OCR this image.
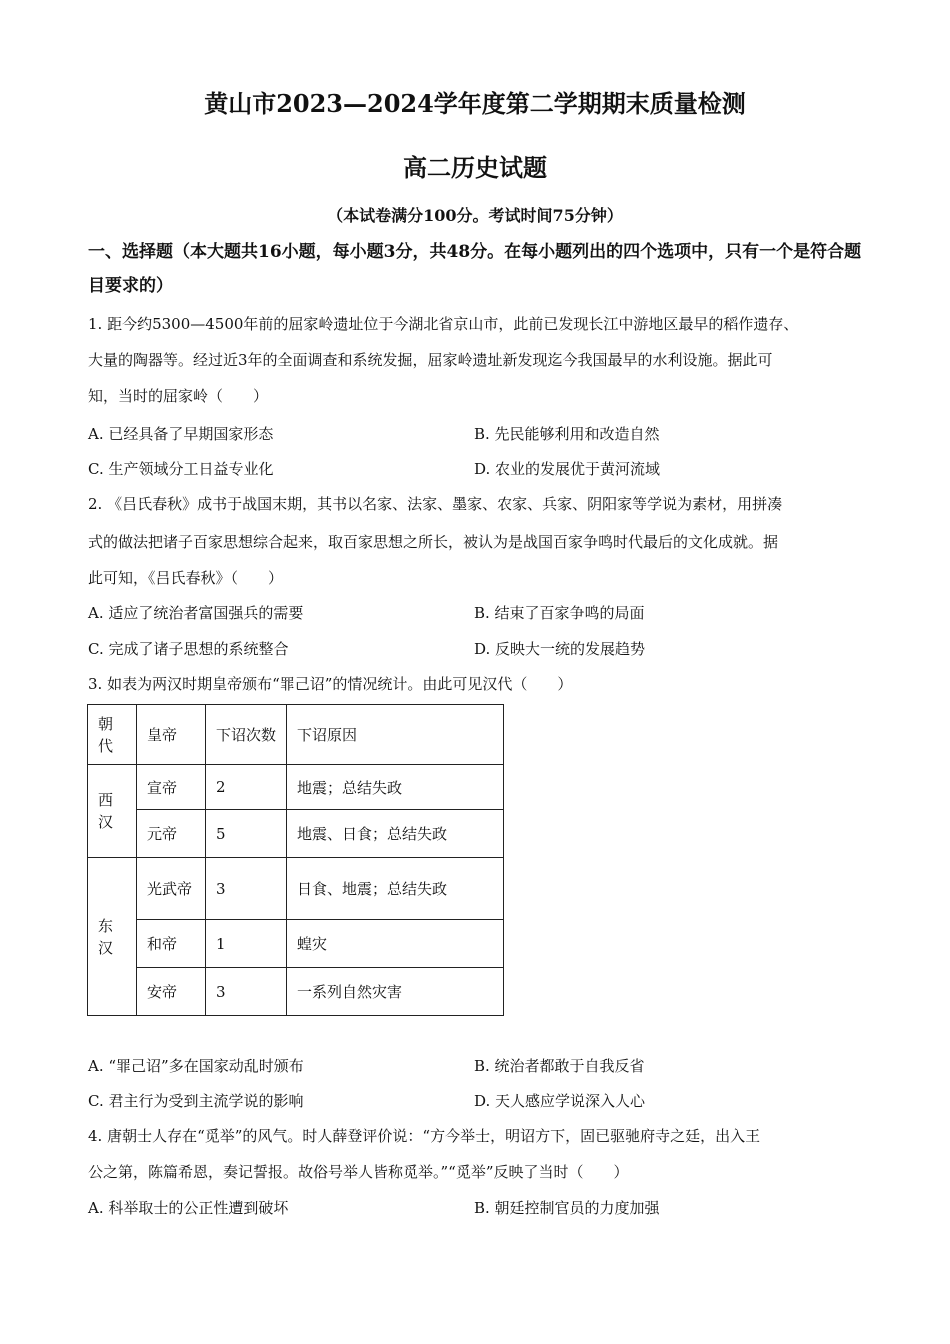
黄山市2023—2024学年度第二学期期末质量检测
高二历史试题
（本试卷满分100分。考试时间75分钟）
一、选择题（本大题共16小题，每小题3分，共48分。在每小题列出的四个选项中，只有一个是符合题目要求的）
1. 距今约5300—4500年前的屈家岭遗址位于今湖北省京山市，此前已发现长江中游地区最早的稻作遗存、
大量的陶器等。经过近3年的全面调查和系统发掘，屈家岭遗址新发现迄今我国最早的水利设施。据此可
知，当时的屈家岭（　　）
A. 已经具备了早期国家形态	B. 先民能够利用和改造自然
C. 生产领域分工日益专业化	D. 农业的发展优于黄河流域
2. 《吕氏春秋》成书于战国末期，其书以名家、法家、墨家、农家、兵家、阴阳家等学说为素材，用拼凑
式的做法把诸子百家思想综合起来，取百家思想之所长，被认为是战国百家争鸣时代最后的文化成就。据
此可知，《吕氏春秋》（　　）
A. 适应了统治者富国强兵的需要	B. 结束了百家争鸣的局面
C. 完成了诸子思想的系统整合	D. 反映大一统的发展趋势
3. 如表为两汉时期皇帝颁布“罪己诏”的情况统计。由此可见汉代（　　）
朝代	皇帝	下诏次数	下诏原因
西汉	宣帝	2	地震；总结失政
	元帝	5	地震、日食；总结失政
东汉	光武帝	3	日食、地震；总结失政
	和帝	1	蝗灾
	安帝	3	一系列自然灾害
A. “罪己诏”多在国家动乱时颁布	B. 统治者都敢于自我反省
C. 君主行为受到主流学说的影响	D. 天人感应学说深入人心
4. 唐朝士人存在“觅举”的风气。时人薛登评价说：“方今举士，明诏方下，固已驱驰府寺之廷，出入王
公之第，陈篇希恩，奏记誓报。故俗号举人皆称觅举。”“觅举”反映了当时（　　）
A. 科举取士的公正性遭到破坏	B. 朝廷控制官员的力度加强
